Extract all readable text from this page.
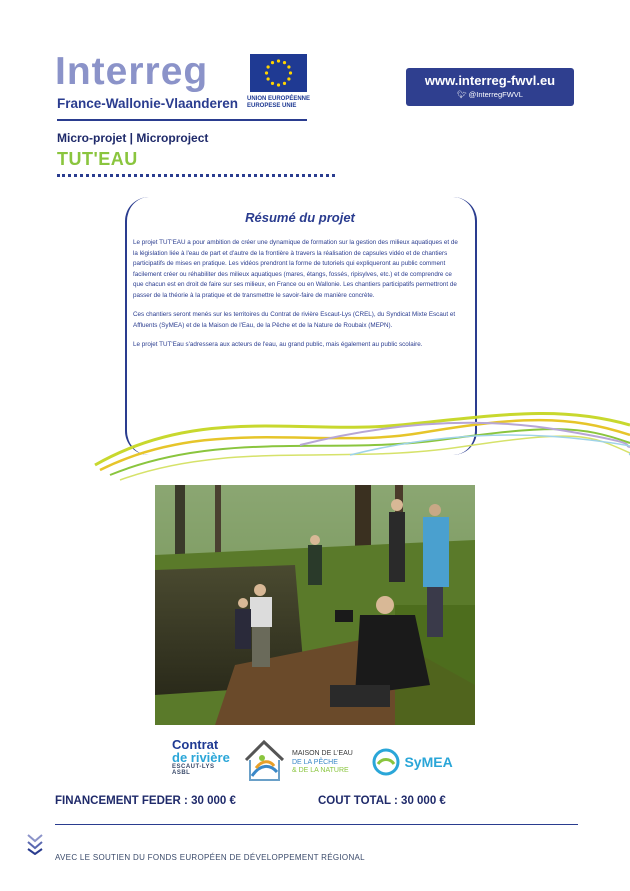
Interreg
France-Wallonie-Vlaanderen UNION EUROPÉENNE
EUROPESE UNIE
www.interreg-fwvl.eu
🐦︎ @InterregFWVL
Micro-projet | Microproject
TUT'EAU
Résumé du projet

Le projet TUT'EAU a pour ambition de créer une dynamique de formation sur la gestion des milieux aquatiques et de la législation liée à l'eau de part et d'autre de la frontière à travers la réalisation de capsules vidéo et de chantiers participatifs de mises en pratique. Les vidéos prendront la forme de tutoriels qui expliqueront au public comment facilement créer ou réhabiliter des milieux aquatiques (mares, étangs, fossés, ripisylves, etc.) et de comprendre ce que chacun est en droit de faire sur ses milieux, en France ou en Wallonie. Les chantiers participatifs permettront de passer de la théorie à la pratique et de transmettre le savoir-faire de manière concrète.

Ces chantiers seront menés sur les territoires du Contrat de rivière Escaut-Lys (CREL), du Syndicat Mixte Escaut et Affluents (SyMEA) et de la Maison de l'Eau, de la Pêche et de la Nature de Roubaix (MEPN).

Le projet TUT'Eau s'adressera aux acteurs de l'eau, au grand public, mais également au public scolaire.

Contrat
de rivière
ESCAUT-LYS ASBL
MAISON DE L'EAU
DE LA PÊCHE
& DE LA NATURE
SyMEA
FINANCEMENT FEDER : 30 000 €	COUT TOTAL : 30 000 €
AVEC LE SOUTIEN DU FONDS EUROPÉEN DE DÉVELOPPEMENT RÉGIONAL
